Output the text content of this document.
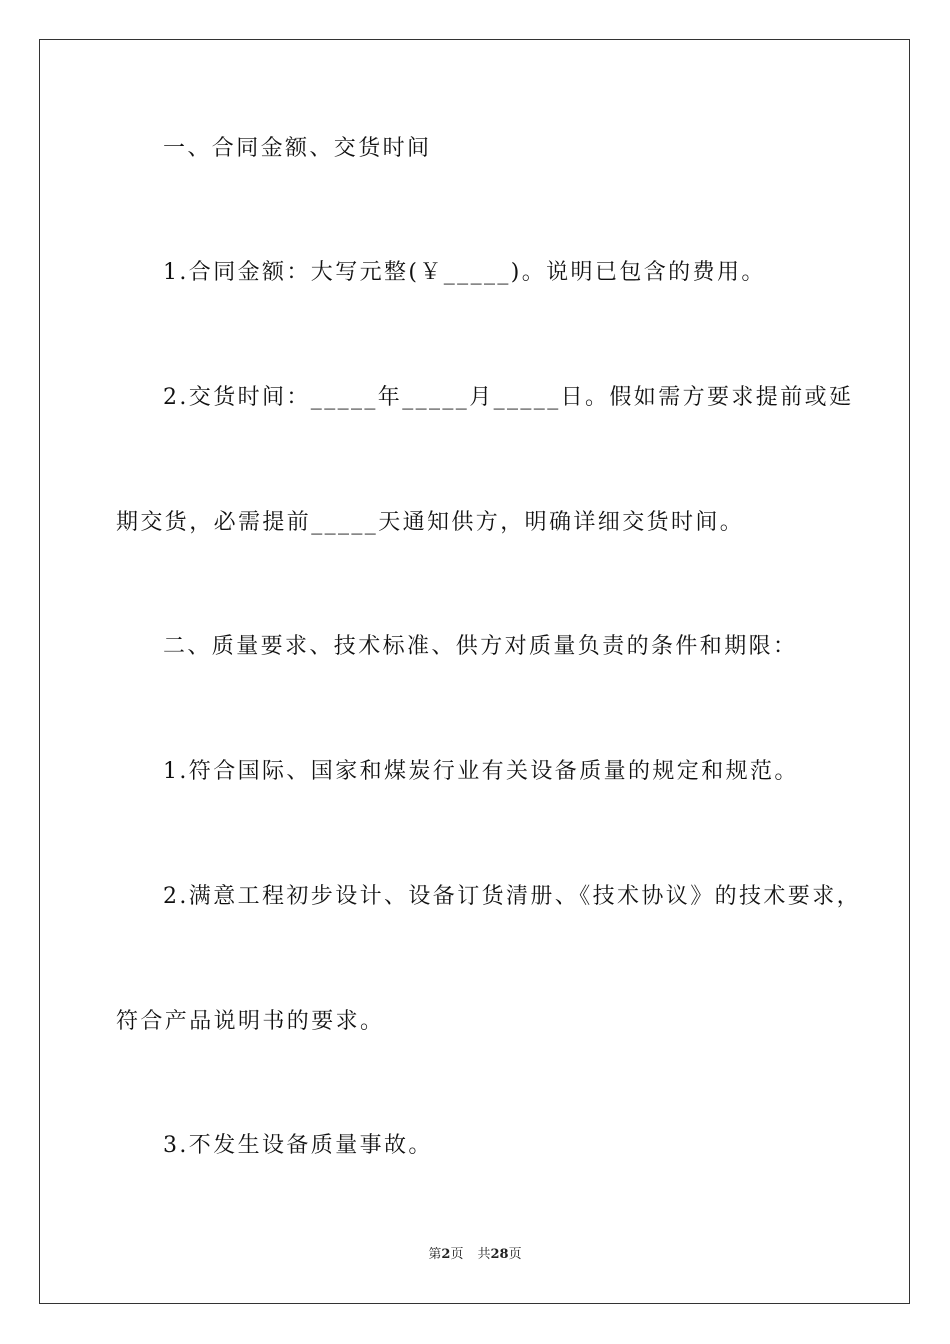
一、合同金额、交货时间
1.合同金额：大写元整(￥_____)。说明已包含的费用。
2.交货时间：_____年_____月_____日。假如需方要求提前或延
期交货，必需提前_____天通知供方，明确详细交货时间。
二、质量要求、技术标准、供方对质量负责的条件和期限：
1.符合国际、国家和煤炭行业有关设备质量的规定和规范。
2.满意工程初步设计、设备订货清册、《技术协议》的技术要求，
符合产品说明书的要求。
3.不发生设备质量事故。
第2页 共28页
